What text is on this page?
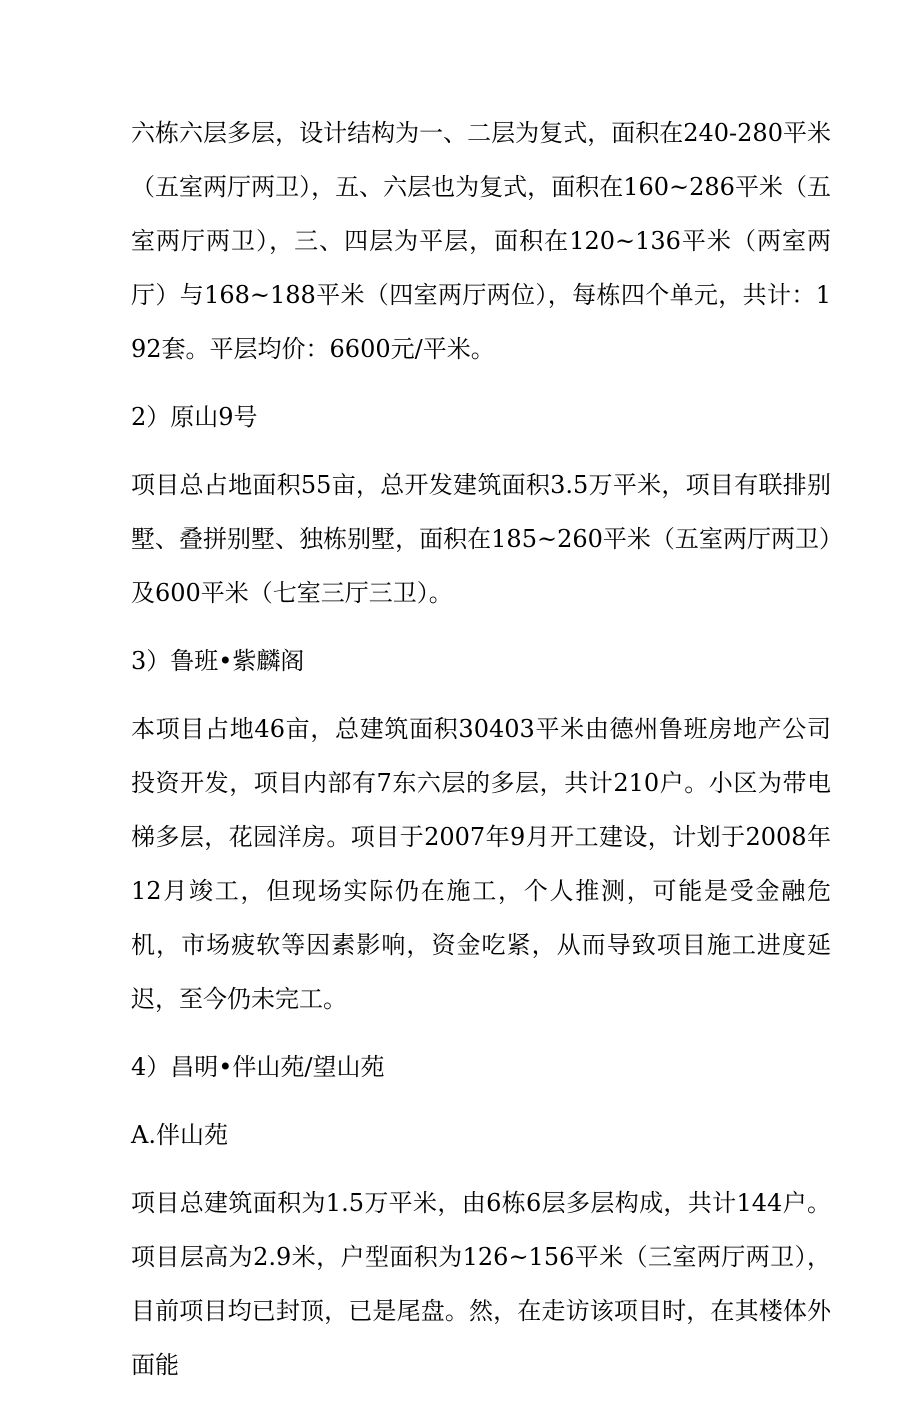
六栋六层多层，设计结构为一、二层为复式，面积在240-280平米（五室两厅两卫），五、六层也为复式，面积在160~286平米（五室两厅两卫），三、四层为平层，面积在120~136平米（两室两厅）与168~188平米（四室两厅两位），每栋四个单元，共计：192套。平层均价：6600元/平米。

2）原山9号

项目总占地面积55亩，总开发建筑面积3.5万平米，项目有联排别墅、叠拼别墅、独栋别墅，面积在185~260平米（五室两厅两卫）及600平米（七室三厅三卫）。

3）鲁班•紫麟阁

本项目占地46亩，总建筑面积30403平米由德州鲁班房地产公司投资开发，项目内部有7东六层的多层，共计210户。小区为带电梯多层，花园洋房。项目于2007年9月开工建设，计划于2008年12月竣工，但现场实际仍在施工，个人推测，可能是受金融危机，市场疲软等因素影响，资金吃紧，从而导致项目施工进度延迟，至今仍未完工。

4）昌明•伴山苑/望山苑

A.伴山苑

项目总建筑面积为1.5万平米，由6栋6层多层构成，共计144户。项目层高为2.9米，户型面积为126~156平米（三室两厅两卫），目前项目均已封顶，已是尾盘。然，在走访该项目时，在其楼体外面能
